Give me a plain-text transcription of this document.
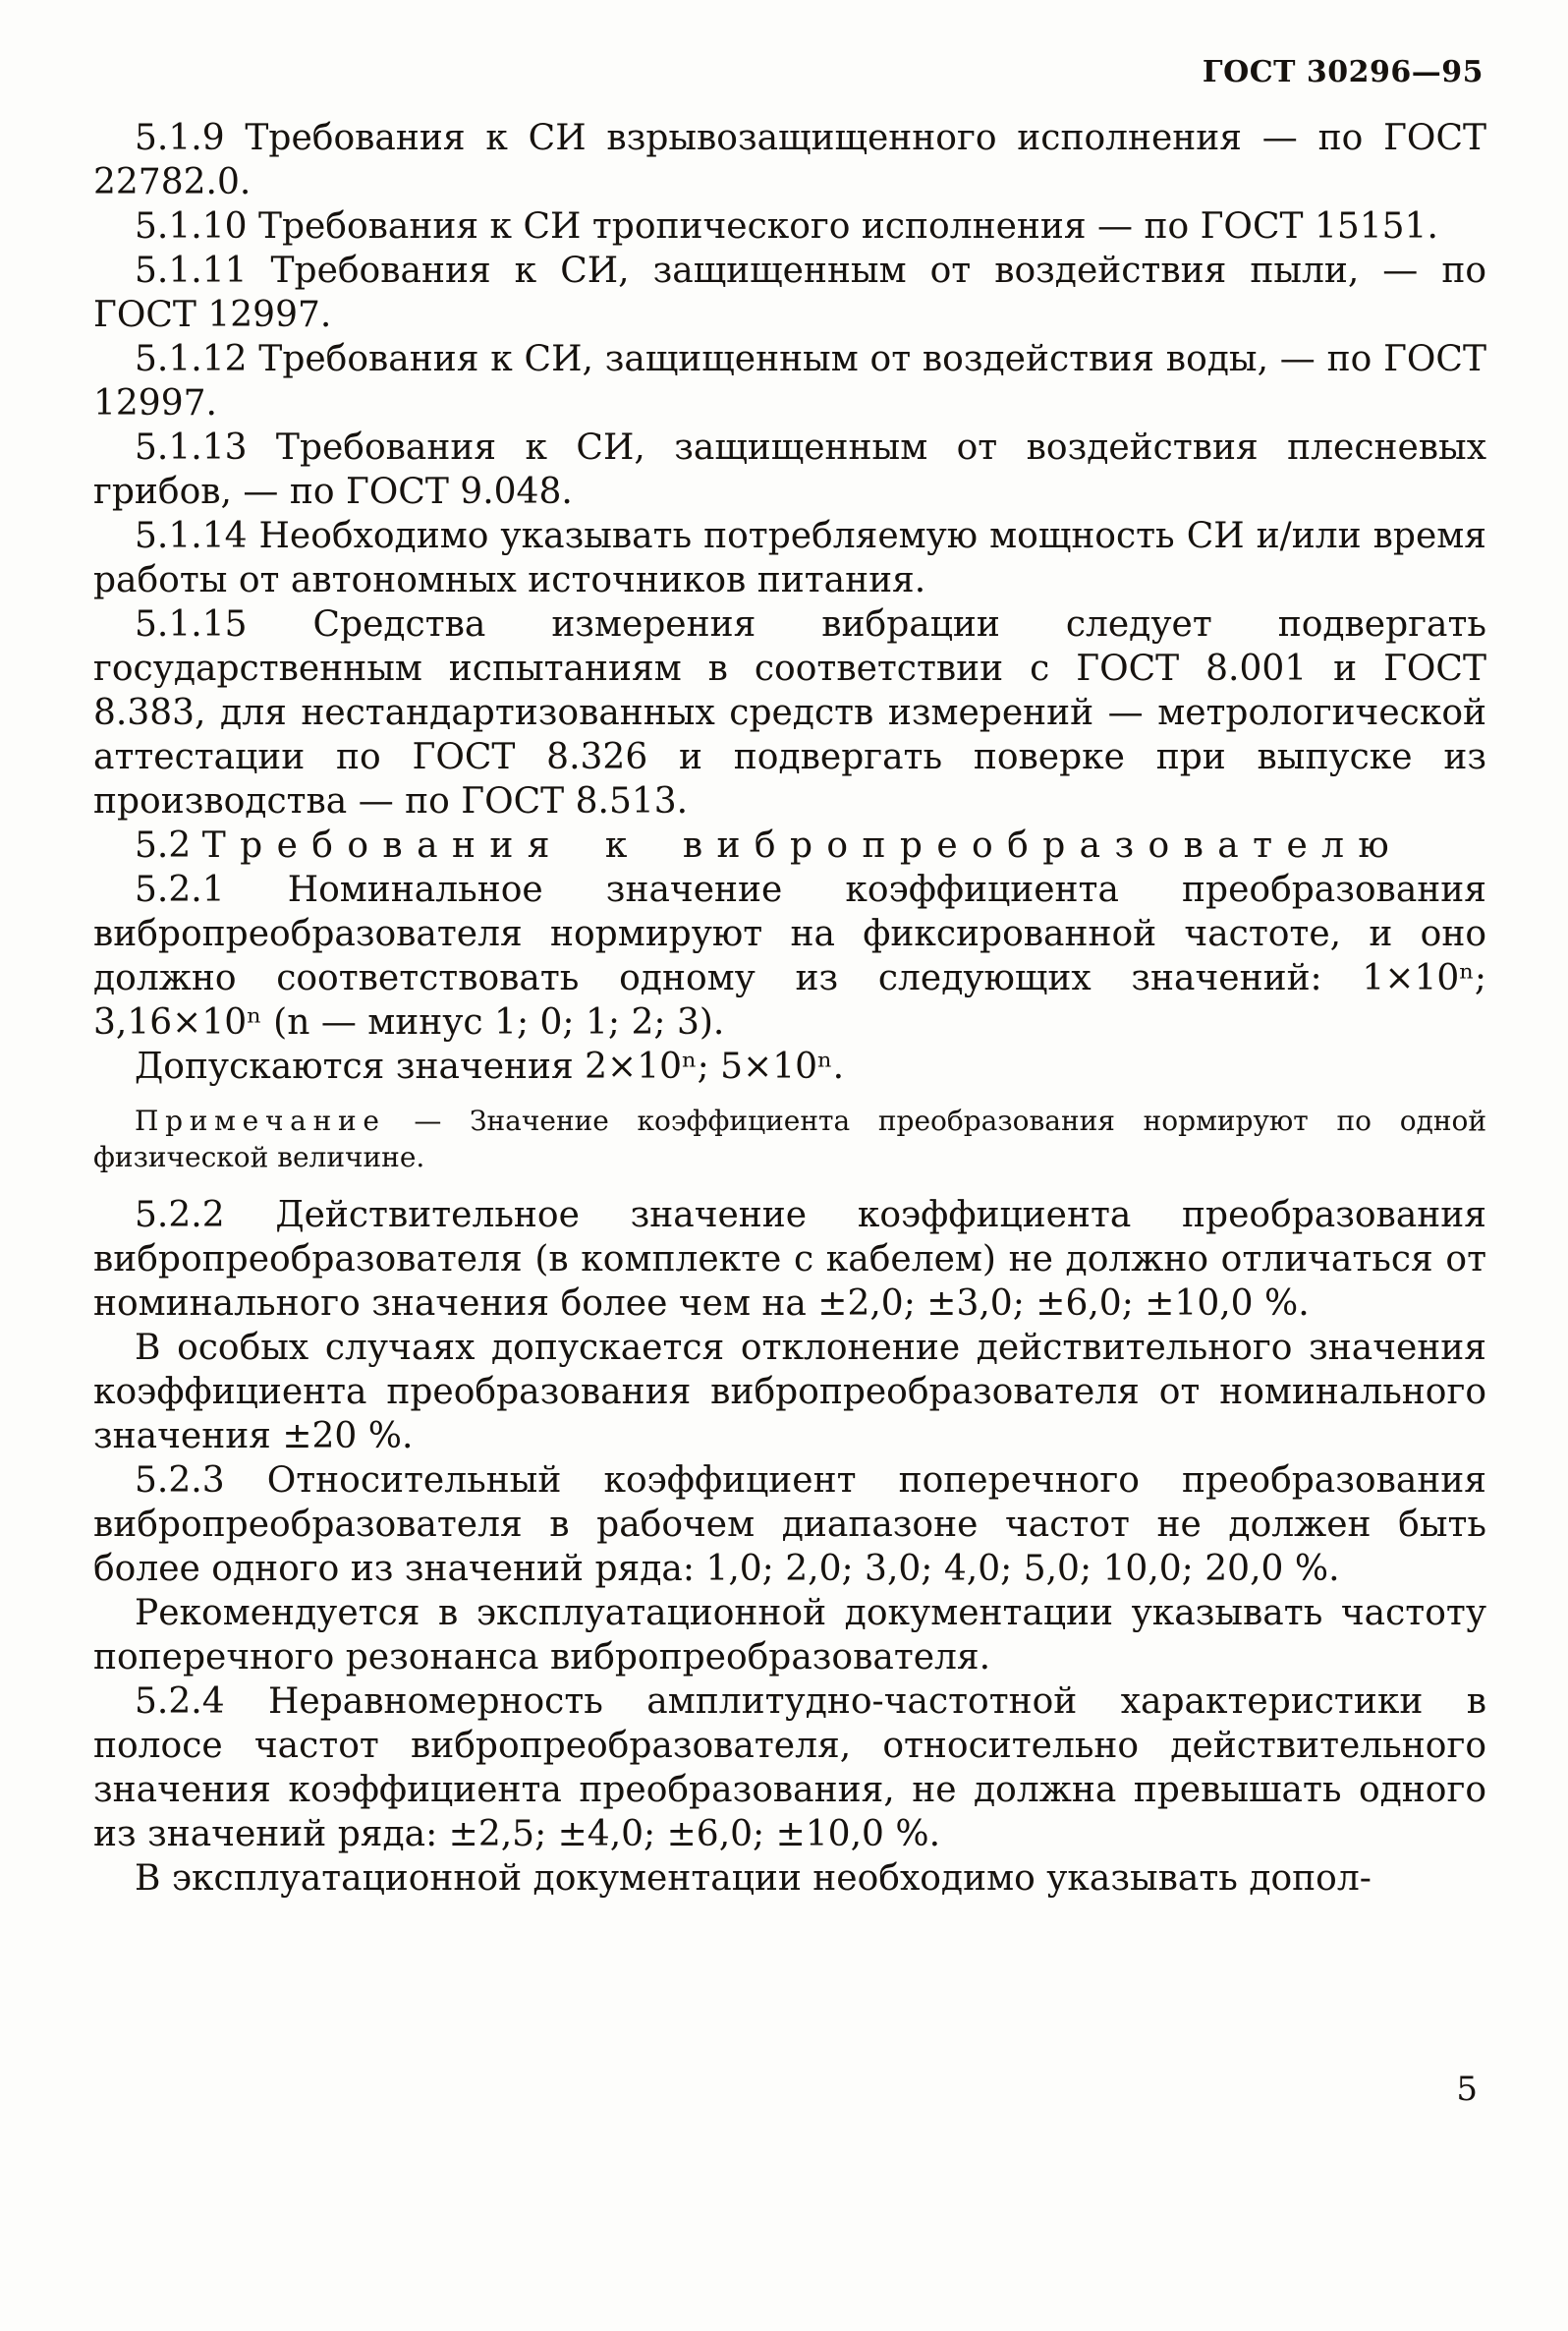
ГОСТ 30296—95

5.1.9 Требования к СИ взрывозащищенного исполнения — по ГОСТ 22782.0.

5.1.10 Требования к СИ тропического исполнения — по ГОСТ 15151.

5.1.11 Требования к СИ, защищенным от воздействия пыли, — по ГОСТ 12997.

5.1.12 Требования к СИ, защищенным от воздействия воды, — по ГОСТ 12997.

5.1.13 Требования к СИ, защищенным от воздействия плесневых грибов, — по ГОСТ 9.048.

5.1.14 Необходимо указывать потребляемую мощность СИ и/или время работы от автономных источников питания.

5.1.15 Средства измерения вибрации следует подвергать государственным испытаниям в соответствии с ГОСТ 8.001 и ГОСТ 8.383, для нестандартизованных средств измерений — метрологической аттестации по ГОСТ 8.326 и подвергать поверке при выпуске из производства — по ГОСТ 8.513.

5.2 Требования к вибропреобразователю

5.2.1 Номинальное значение коэффициента преобразования вибропреобразователя нормируют на фиксированной частоте, и оно должно соответствовать одному из следующих значений: 1×10ⁿ; 3,16×10ⁿ (n — минус 1; 0; 1; 2; 3).

Допускаются значения 2×10ⁿ; 5×10ⁿ.

Примечание — Значение коэффициента преобразования нормируют по одной физической величине.

5.2.2 Действительное значение коэффициента преобразования вибропреобразователя (в комплекте с кабелем) не должно отличаться от номинального значения более чем на ±2,0; ±3,0; ±6,0; ±10,0 %.

В особых случаях допускается отклонение действительного значения коэффициента преобразования вибропреобразователя от номинального значения ±20 %.

5.2.3 Относительный коэффициент поперечного преобразования вибропреобразователя в рабочем диапазоне частот не должен быть более одного из значений ряда: 1,0; 2,0; 3,0; 4,0; 5,0; 10,0; 20,0 %.

Рекомендуется в эксплуатационной документации указывать частоту поперечного резонанса вибропреобразователя.

5.2.4 Неравномерность амплитудно-частотной характеристики в полосе частот вибропреобразователя, относительно действительного значения коэффициента преобразования, не должна превышать одного из значений ряда: ±2,5; ±4,0; ±6,0; ±10,0 %.

В эксплуатационной документации необходимо указывать допол-

5
